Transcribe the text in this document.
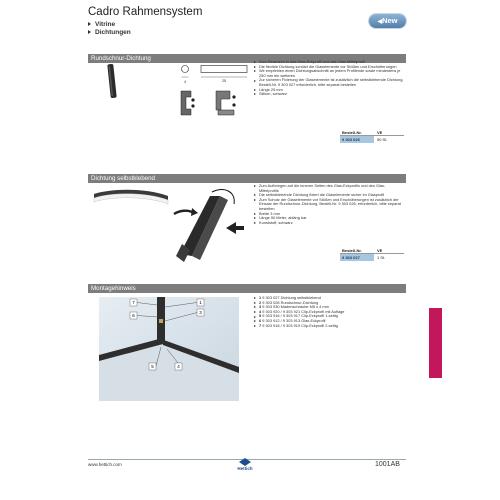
Cadro Rahmensystem
Vitrine
Dichtungen
◀New
Rundschnur-Dichtung
4	25
Zum Einsetzen in das Glas-Eckprofil und das Glas-Mittelprofil
Die flexible Dichtung schützt die Glaselemente vor Stößen und Erschütterungen
Wir empfehlen einen Dichtungsabschnitt an jedem Profilende sowie mindestens je 250 mm ein weiteres
Zur sicheren Fixierung der Glaselemente ist zusätzlich die selbstklebende Dichtung, Bestell-Nr. 9 303 027 erforderlich, bitte separat bestellen
Länge 25 mm
Silikon, schwarz
Bestell-Nr.	VE
9 303 026	50 St.
Dichtung selbstklebend
Zum Aufbringen auf die inneren Seiten des Glas-Eckprofils und des Glas-Mittelprofils
Die selbstklebende Dichtung fixiert die Glaselemente sicher im Glasprofil
Zum Schutz der Glaselemente vor Stößen und Erschütterungen ist zusätzlich der Einsatz der Rundschnur-Dichtung, Bestell-Nr. 9 303 026, erforderlich, bitte separat bestellen
Breite 3 mm
Länge 50 Meter, abläng bar
Kunststoff, schwarz
Bestell-Nr.	VE
9 303 027	1 St.
Montagehinweis
7
6
3
1
5	4
1 9 303 027 Dichtung selbstklebend
2 9 303 026 Rundschnur-Dichtung
3 9 303 930 Madenschraube M5 x 4 mm
4 9 303 920 / 9 303 921 Clip-Eckprofil mit Auflage
5 9 303 916 / 9 303 917 Clip-Eckprofil 1-seitig
6 9 303 912 / 9 303 913 Glas-Eckprofil
7 9 303 918 / 9 303 919 Clip-Eckprofil 2-seitig
www.hettich.com
Hettich
1001AB
